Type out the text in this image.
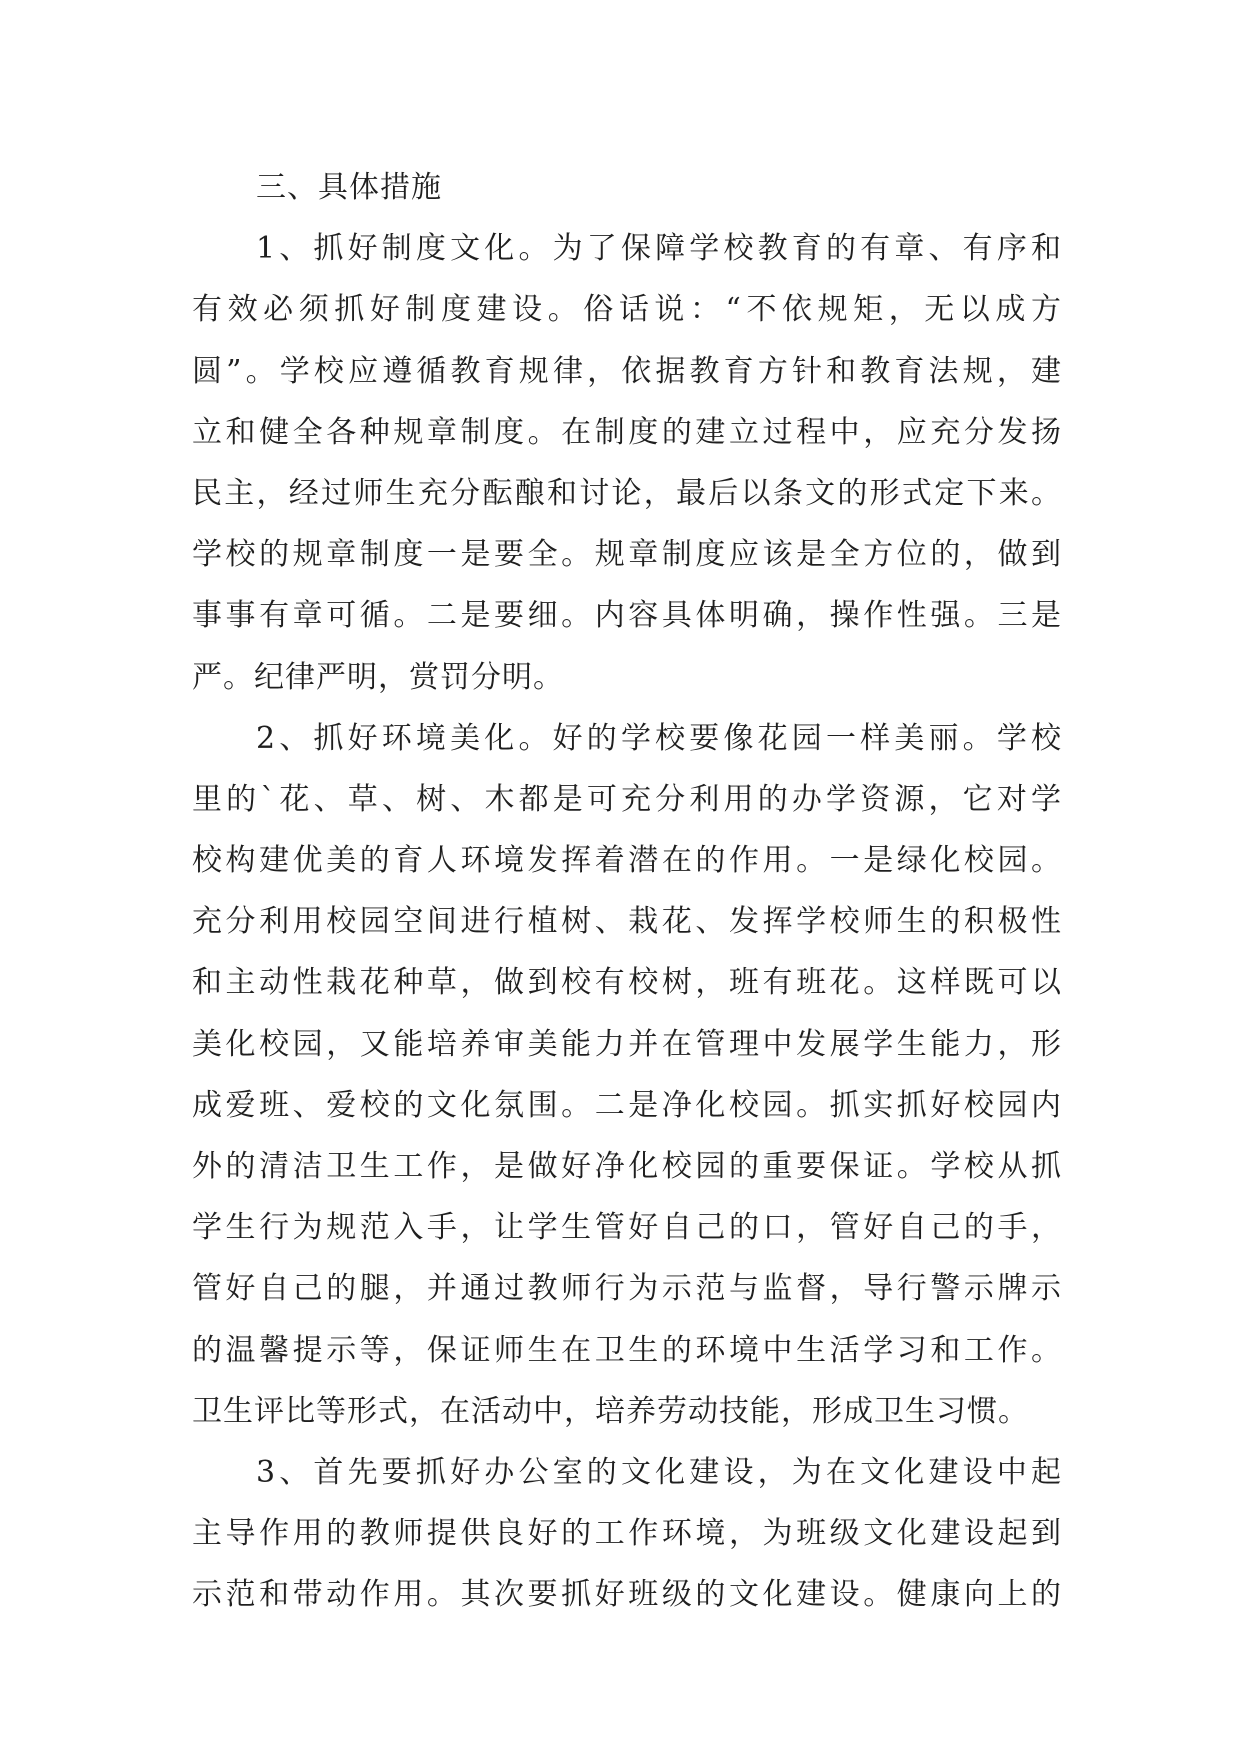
三、具体措施
1、抓好制度文化。为了保障学校教育的有章、有序和
有效必须抓好制度建设。俗话说：“不依规矩，无以成方
圆”。学校应遵循教育规律，依据教育方针和教育法规，建
立和健全各种规章制度。在制度的建立过程中，应充分发扬
民主，经过师生充分酝酿和讨论，最后以条文的形式定下来。
学校的规章制度一是要全。规章制度应该是全方位的，做到
事事有章可循。二是要细。内容具体明确，操作性强。三是
严。纪律严明，赏罚分明。
2、抓好环境美化。好的学校要像花园一样美丽。学校
里的`花、草、树、木都是可充分利用的办学资源，它对学
校构建优美的育人环境发挥着潜在的作用。一是绿化校园。
充分利用校园空间进行植树、栽花、发挥学校师生的积极性
和主动性栽花种草，做到校有校树，班有班花。这样既可以
美化校园，又能培养审美能力并在管理中发展学生能力，形
成爱班、爱校的文化氛围。二是净化校园。抓实抓好校园内
外的清洁卫生工作，是做好净化校园的重要保证。学校从抓
学生行为规范入手，让学生管好自己的口，管好自己的手，
管好自己的腿，并通过教师行为示范与监督，导行警示牌示
的温馨提示等，保证师生在卫生的环境中生活学习和工作。
卫生评比等形式，在活动中，培养劳动技能，形成卫生习惯。
3、首先要抓好办公室的文化建设，为在文化建设中起
主导作用的教师提供良好的工作环境，为班级文化建设起到
示范和带动作用。其次要抓好班级的文化建设。健康向上的
